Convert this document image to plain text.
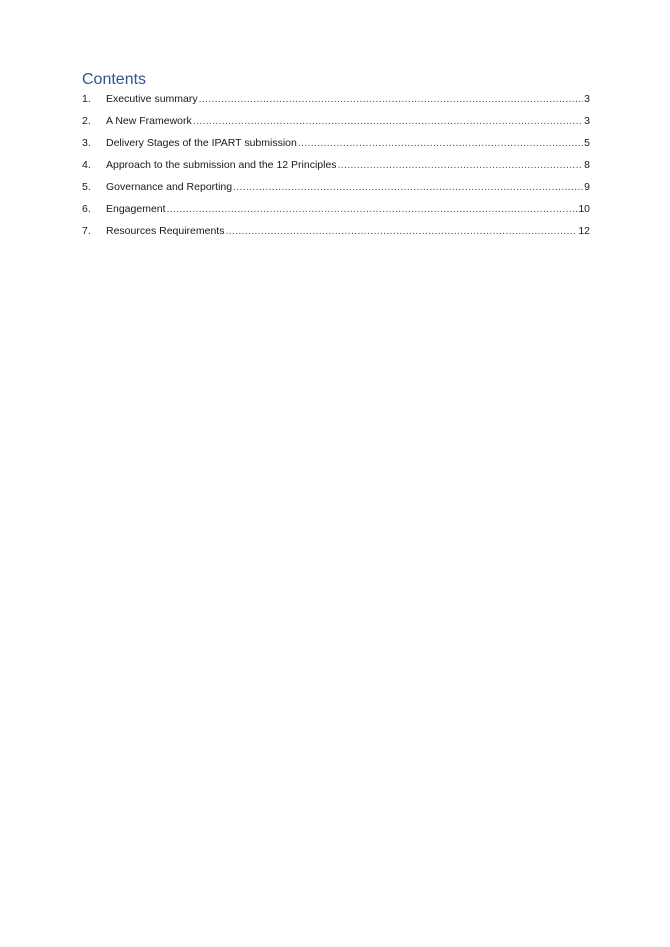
Contents
1.	Executive summary .....	3
2.	A New Framework .....	3
3.	Delivery Stages of the IPART submission .....	5
4.	Approach to the submission and the 12 Principles .....	8
5.	Governance and Reporting .....	9
6.	Engagement .....	10
7.	Resources Requirements .....	12
